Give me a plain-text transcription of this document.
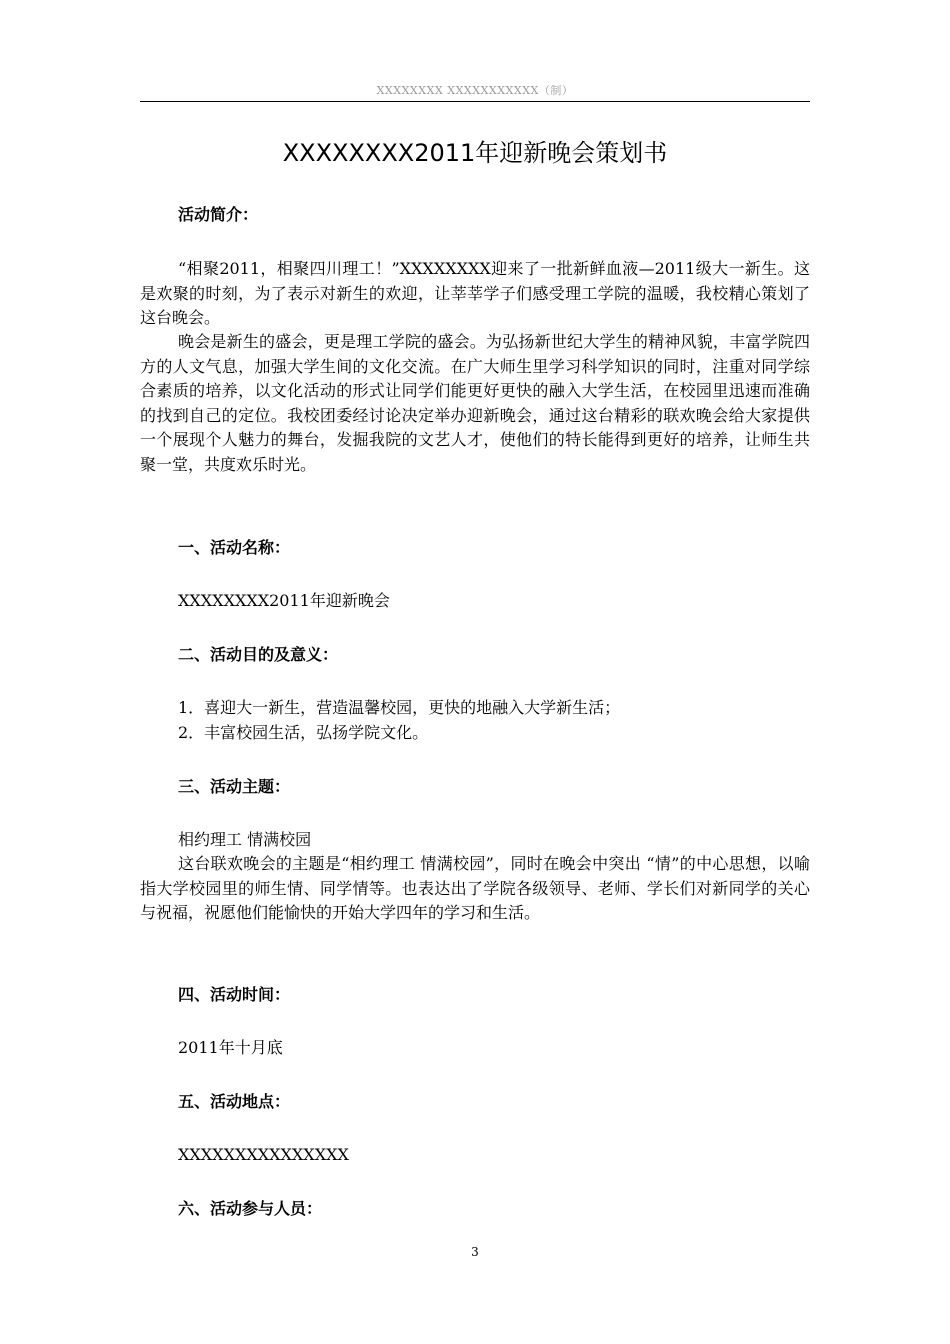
XXXXXXXX XXXXXXXXXXX（制）
XXXXXXXX2011年迎新晚会策划书
活动简介：
“相聚2011，相聚四川理工！”XXXXXXXX迎来了一批新鲜血液—2011级大一新生。这是欢聚的时刻，为了表示对新生的欢迎，让莘莘学子们感受理工学院的温暖，我校精心策划了这台晚会。
晚会是新生的盛会，更是理工学院的盛会。为弘扬新世纪大学生的精神风貌，丰富学院四方的人文气息，加强大学生间的文化交流。在广大师生里学习科学知识的同时，注重对同学综合素质的培养，以文化活动的形式让同学们能更好更快的融入大学生活，在校园里迅速而准确的找到自己的定位。我校团委经讨论决定举办迎新晚会，通过这台精彩的联欢晚会给大家提供一个展现个人魅力的舞台，发掘我院的文艺人才，使他们的特长能得到更好的培养，让师生共聚一堂，共度欢乐时光。
一、活动名称：
XXXXXXXX2011年迎新晚会
二、活动目的及意义：
1．喜迎大一新生，营造温馨校园，更快的地融入大学新生活；
2．丰富校园生活，弘扬学院文化。
三、活动主题：
相约理工 情满校园
这台联欢晚会的主题是“相约理工 情满校园”，同时在晚会中突出 “情”的中心思想，以喻指大学校园里的师生情、同学情等。也表达出了学院各级领导、老师、学长们对新同学的关心与祝福，祝愿他们能愉快的开始大学四年的学习和生活。
四、活动时间：
2011年十月底
五、活动地点：
XXXXXXXXXXXXXXX
六、活动参与人员：
3
